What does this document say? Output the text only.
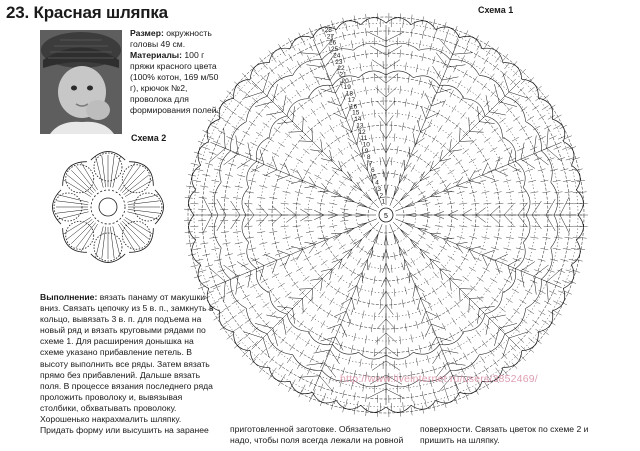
23. Красная шляпка
Размер: окружность головы 49 см.
Материалы: 100 г пряжи красного цвета (100% котон, 169 м/50 г), крючок №2, проволока для формирования полей.
Схема 2
Схема 1
1
2
3
4
5
6
7
8
9
10
11
12
13
14
15
16
17
18
19
20
21
22
23
24
25
26
27
28
5
Выполнение: вязать панаму от макушки вниз. Связать цепочку из 5 в. п., замкнуть в кольцо, вывязать 3 в. п. для подъема на новый ряд и вязать круговыми рядами по схеме 1. Для расширения донышка на схеме указано прибавление петель. В высоту выполнить все ряды. Затем вязать прямо без прибавлений. Дальше вязать поля. В процессе вязания последнего ряда проложить проволоку и, вывязывая столбики, обхватывать проволоку. Хорошенько накрахмалить шляпку. Придать форму или высушить на заранее	приготовленной заготовке. Обязательно надо, чтобы поля всегда лежали на ровной
поверхности. Связать цветок по схеме 2 и пришить на шляпку.
http://www.liveinternet.ru/users/3852469/
